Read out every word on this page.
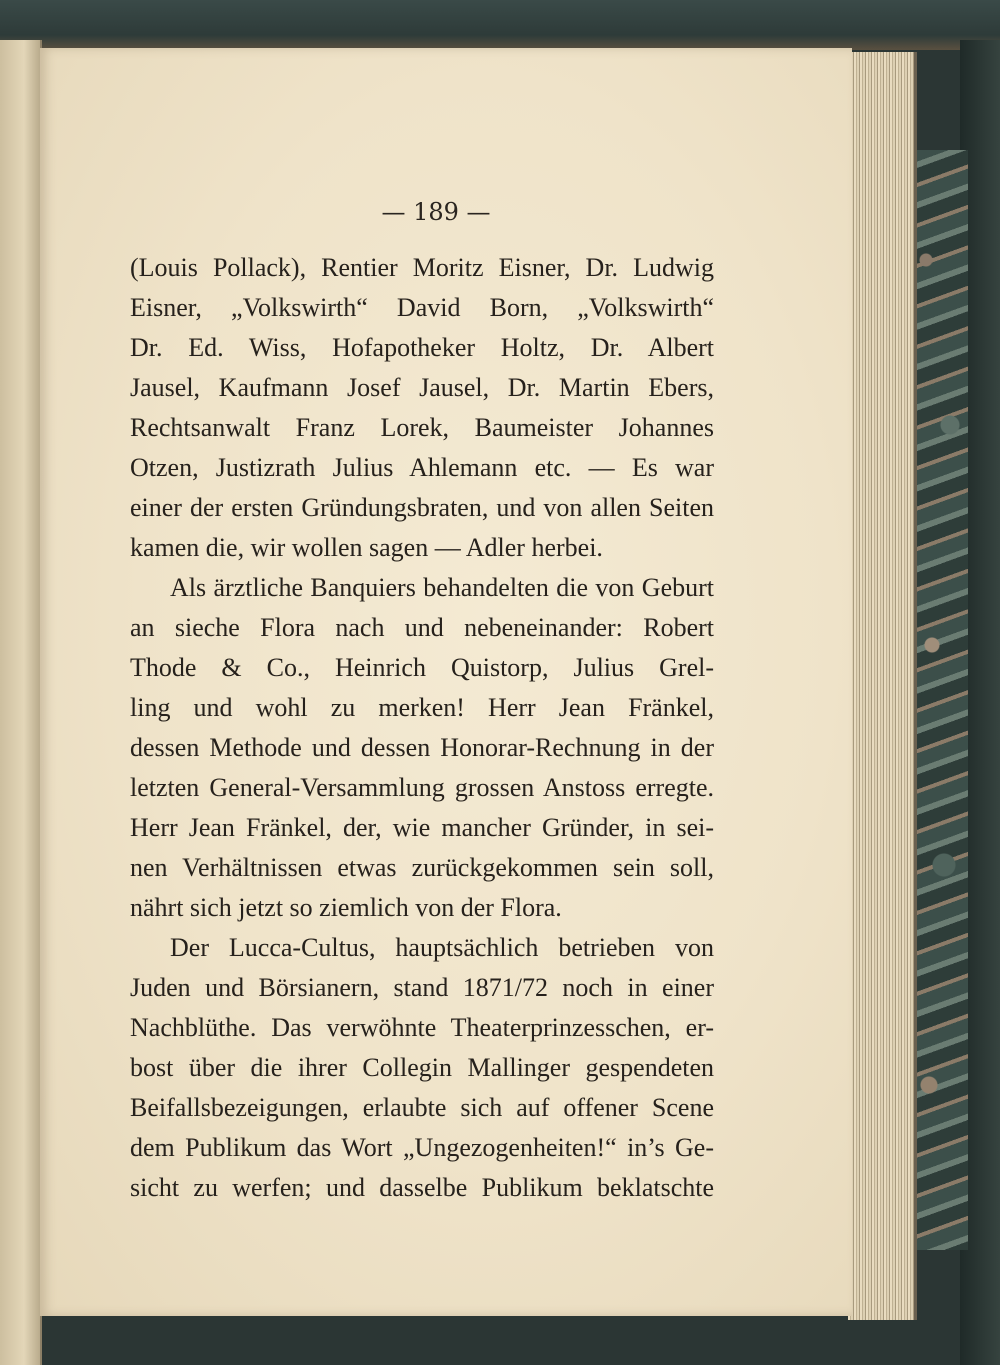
— 189 —
(Louis Pollack), Rentier Moritz Eisner, Dr. Ludwig
Eisner, „Volkswirth“ David Born, „Volkswirth“
Dr. Ed. Wiss, Hofapotheker Holtz, Dr. Albert
Jausel, Kaufmann Josef Jausel, Dr. Martin Ebers,
Rechtsanwalt Franz Lorek, Baumeister Johannes
Otzen, Justizrath Julius Ahlemann etc. — Es war
einer der ersten Gründungsbraten, und von allen Seiten
kamen die, wir wollen sagen — Adler herbei.
Als ärztliche Banquiers behandelten die von Geburt
an sieche Flora nach und nebeneinander: Robert
Thode & Co., Heinrich Quistorp, Julius Grel-
ling und wohl zu merken! Herr Jean Fränkel,
dessen Methode und dessen Honorar-Rechnung in der
letzten General-Versammlung grossen Anstoss erregte.
Herr Jean Fränkel, der, wie mancher Gründer, in sei-
nen Verhältnissen etwas zurückgekommen sein soll,
nährt sich jetzt so ziemlich von der Flora.
Der Lucca-Cultus, hauptsächlich betrieben von
Juden und Börsianern, stand 1871/72 noch in einer
Nachblüthe. Das verwöhnte Theaterprinzesschen, er-
bost über die ihrer Collegin Mallinger gespendeten
Beifallsbezeigungen, erlaubte sich auf offener Scene
dem Publikum das Wort „Ungezogenheiten!“ in’s Ge-
sicht zu werfen; und dasselbe Publikum beklatschte
